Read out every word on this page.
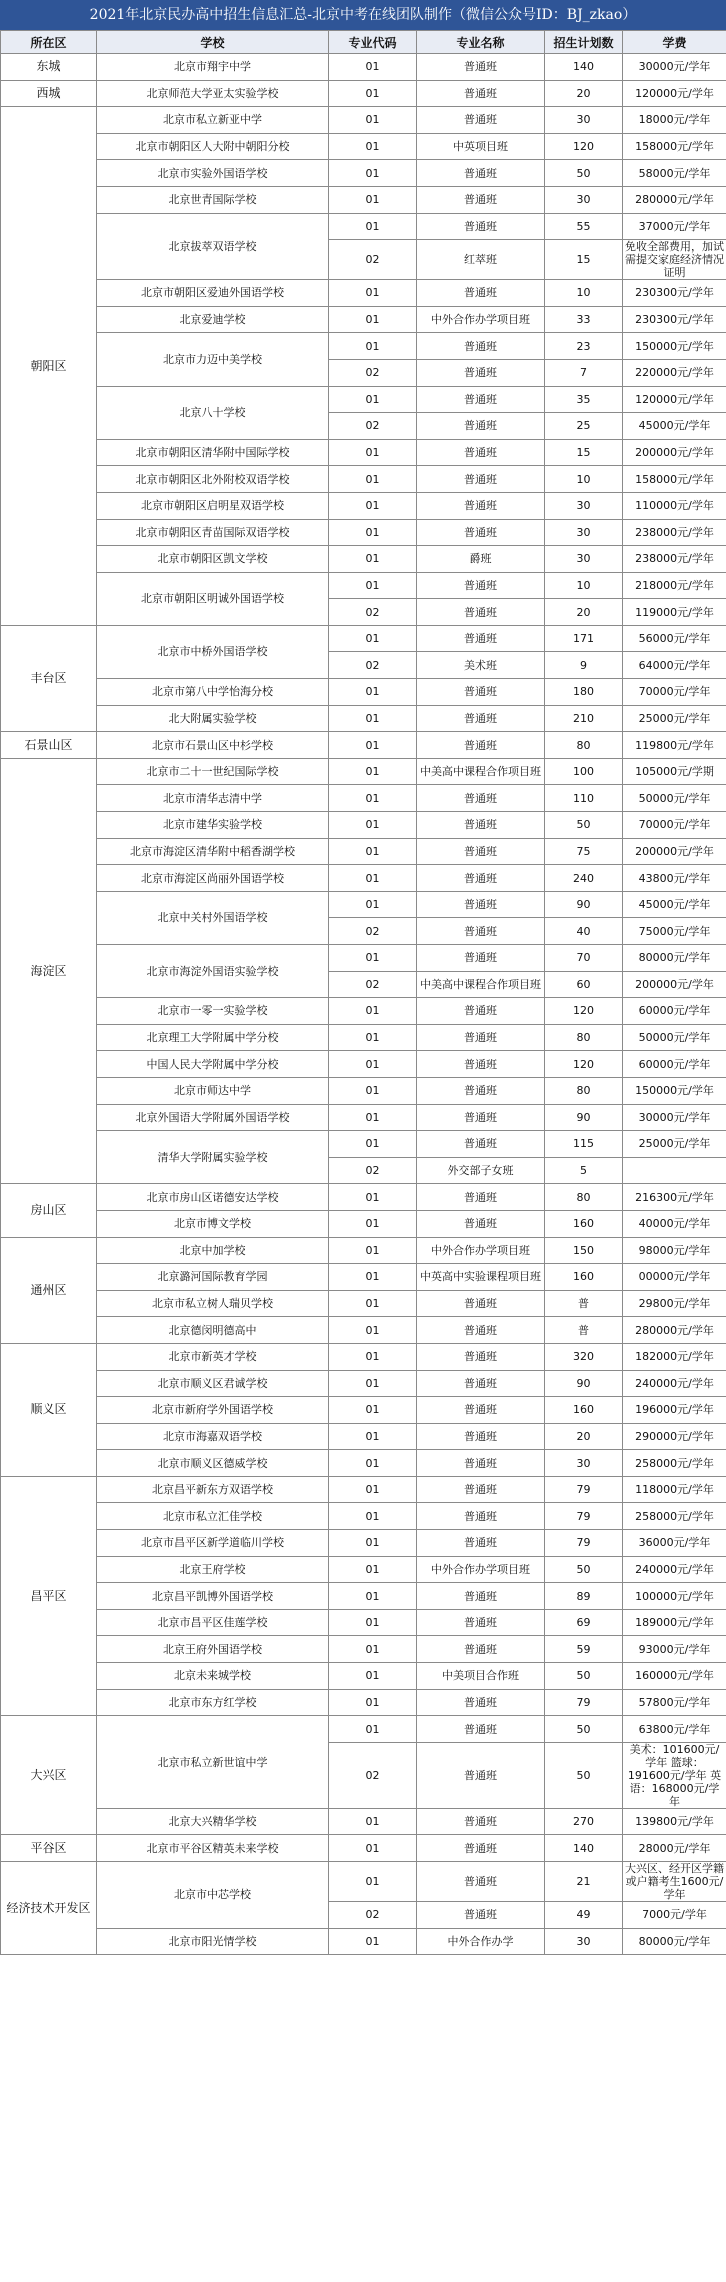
2021年北京民办高中招生信息汇总-北京中考在线团队制作（微信公众号ID：BJ_zkao）
所在区	学校	专业代码	专业名称	招生计划数	学费
东城	北京市翔宇中学	01	普通班	140	30000元/学年
西城	北京师范大学亚太实验学校	01	普通班	20	120000元/学年
朝阳区	北京市私立新亚中学	01	普通班	30	18000元/学年
	北京市朝阳区人大附中朝阳分校	01	中英项目班	120	158000元/学年
	北京市实验外国语学校	01	普通班	50	58000元/学年
	北京世青国际学校	01	普通班	30	280000元/学年
	北京拔萃双语学校	01	普通班	55	37000元/学年
		02	红萃班	15	免收全部费用，加试需提交家庭经济情况证明
	北京市朝阳区爱迪外国语学校	01	普通班	10	230300元/学年
	北京爱迪学校	01	中外合作办学项目班	33	230300元/学年
	北京市力迈中美学校	01	普通班	23	150000元/学年
		02	普通班	7	220000元/学年
	北京八十学校	01	普通班	35	120000元/学年
		02	普通班	25	45000元/学年
	北京市朝阳区清华附中国际学校	01	普通班	15	200000元/学年
	北京市朝阳区北外附校双语学校	01	普通班	10	158000元/学年
	北京市朝阳区启明星双语学校	01	普通班	30	110000元/学年
	北京市朝阳区青苗国际双语学校	01	普通班	30	238000元/学年
	北京市朝阳区凯文学校	01	爵班	30	238000元/学年
	北京市朝阳区明诚外国语学校	01	普通班	10	218000元/学年
		02	普通班	20	119000元/学年
丰台区	北京市中桥外国语学校	01	普通班	171	56000元/学年
		02	美术班	9	64000元/学年
	北京市第八中学怡海分校	01	普通班	180	70000元/学年
	北大附属实验学校	01	普通班	210	25000元/学年
石景山区	北京市石景山区中杉学校	01	普通班	80	119800元/学年
海淀区	北京市二十一世纪国际学校	01	中美高中课程合作项目班	100	105000元/学期
	北京市清华志清中学	01	普通班	110	50000元/学年
	北京市建华实验学校	01	普通班	50	70000元/学年
	北京市海淀区清华附中稻香湖学校	01	普通班	75	200000元/学年
	北京市海淀区尚丽外国语学校	01	普通班	240	43800元/学年
	北京中关村外国语学校	01	普通班	90	45000元/学年
		02	普通班	40	75000元/学年
	北京市海淀外国语实验学校	01	普通班	70	80000元/学年
		02	中美高中课程合作项目班	60	200000元/学年
	北京市一零一实验学校	01	普通班	120	60000元/学年
	北京理工大学附属中学分校	01	普通班	80	50000元/学年
	中国人民大学附属中学分校	01	普通班	120	60000元/学年
	北京市师达中学	01	普通班	80	150000元/学年
	北京外国语大学附属外国语学校	01	普通班	90	30000元/学年
	清华大学附属实验学校	01	普通班	115	25000元/学年
		02	外交部子女班	5	
房山区	北京市房山区诺德安达学校	01	普通班	80	216300元/学年
	北京市博文学校	01	普通班	160	40000元/学年
通州区	北京中加学校	01	中外合作办学项目班	150	98000元/学年
	北京潞河国际教育学园	01	中英高中实验课程项目班	160	00000元/学年
	北京市私立树人瑞贝学校	01	普通班	普	29800元/学年
	北京德闵明德高中	01	普通班	普	280000元/学年
顺义区	北京市新英才学校	01	普通班	320	182000元/学年
	北京市顺义区君诚学校	01	普通班	90	240000元/学年
	北京市新府学外国语学校	01	普通班	160	196000元/学年
	北京市海嘉双语学校	01	普通班	20	290000元/学年
	北京市顺义区德威学校	01	普通班	30	258000元/学年
昌平区	北京昌平新东方双语学校	01	普通班	79	118000元/学年
	北京市私立汇佳学校	01	普通班	79	258000元/学年
	北京市昌平区新学道临川学校	01	普通班	79	36000元/学年
	北京王府学校	01	中外合作办学项目班	50	240000元/学年
	北京昌平凯博外国语学校	01	普通班	89	100000元/学年
	北京市昌平区佳莲学校	01	普通班	69	189000元/学年
	北京王府外国语学校	01	普通班	59	93000元/学年
	北京未来城学校	01	中美项目合作班	50	160000元/学年
	北京市东方红学校	01	普通班	79	57800元/学年
大兴区	北京市私立新世谊中学	01	普通班	50	63800元/学年
		02	普通班	50	美术：101600元/学年 篮球：191600元/学年 英语：168000元/学年
	北京大兴精华学校	01	普通班	270	139800元/学年
平谷区	北京市平谷区精英未来学校	01	普通班	140	28000元/学年
经济技术开发区	北京市中芯学校	01	普通班	21	大兴区、经开区学籍或户籍考生1600元/学年
		02	普通班	49	7000元/学年
	北京市阳光情学校	01	中外合作办学	30	80000元/学年
